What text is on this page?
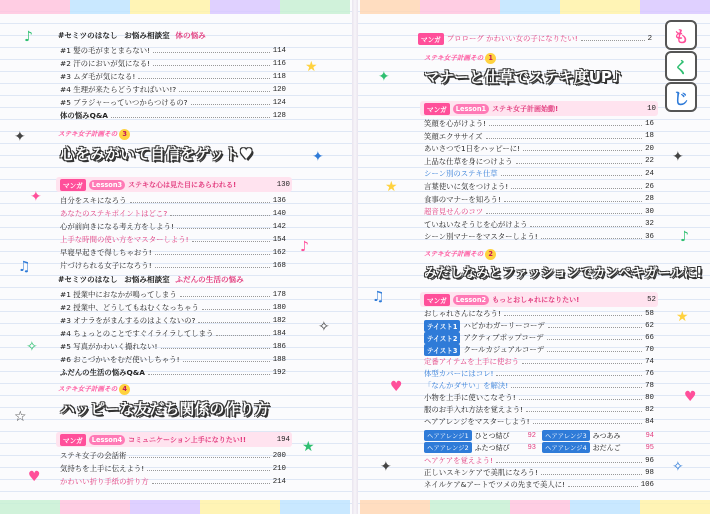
#セミツのはなし お悩み相談室 体の悩み
#1 髪の毛がまとまらない!	114
#2 汗のにおいが気になる!	116
#3 ムダ毛が気になる!	118
#4 生理が来たらどうすればいい!?	120
#5 ブラジャーっていつからつけるの?	124
体の悩みQ&A	128
ステキ女子計画その 3
心をみがいて自信をゲット♥
マンガ	Lesson3 ステキな心は見た目にあらわれる!	130
自分をスキになろう	136
あなたのステキポイントはどこ?	140
心が前向きになる考え方をしよう!	142
上手な時間の使い方をマスターしよう!	154
早寝早起きで得しちゃおう!	162
片づけられる女子になろう!	168
#セミツのはなし お悩み相談室 ふだんの生活の悩み
#1 授業中におなかが鳴ってしまう	178
#2 授業中、どうしてもねむくなっちゃう	180
#3 オナラをがまんするのはよくないの?	182
#4 ちょっとのことですぐイライラしてしまう	184
#5 写真がかわいく撮れない!	186
#6 おこづかいをむだ使いしちゃう!	188
ふだんの生活の悩みQ&A	192
ステキ女子計画その 4
ハッピーな友だち関係の作り方
マンガ	Lesson4 コミュニケーション上手になりたい!!	194
ステキ女子の会話術	200
気持ちを上手に伝えよう!	210
かわいい折り手紙の折り方	214
マンガ プロローグ かわいい女の子になりたい!	2
ステキ女子計画その 1
マナーと仕草でステキ度UP♪
マンガ	Lesson1 ステキ女子計画始動!	10
笑顔を心がけよう!	16
笑顔エクササイズ	18
あいさつで1日をハッピーに!	20
上品な仕草を身につけよう	22
シーン別のステキ仕草	24
言葉使いに気をつけよう!	26
食事のマナーを知ろう!	28
超音見せんのコツ	30
ていねいなそうじを心がけよう	32
シーン別マナーをマスターしよう!	36
ステキ女子計画その 2
みだしなみとファッションでカンペキガールに!
マンガ	Lesson2 もっとおしゃれになりたい!	52
おしゃれさんになろう!	58
テイスト1 ハピかわガーリーコーデ	62
テイスト2 アクティブポップコーデ	66
テイスト3 クールカジュアルコーデ	70
定番アイテムを上手に使おう	74
体型カバーにはコレ!	76
「なんかダサい」を解決!	78
小物を上手に使いこなそう!	80
服のお手入れ方法を覚えよう!	82
ヘアアレンジをマスターしよう!	84
ヘアアレンジ1 ひとつ結び	92	ヘアアレンジ3 みつあみ	94
ヘアアレンジ2 ふたつ結び	93	ヘアアレンジ4 おだんご	95
ヘアケアを覚えよう!	96
正しいスキンケアで美肌になろう!	98
ネイルケア&アートでツメの先まで美人に!	106
も
く
じ
♪
✦
✦
♫
✧
☆
♥
★
✦
♪
✧
★
✦
★
♫
♥
✦
✦
♪
★
♥
✧
